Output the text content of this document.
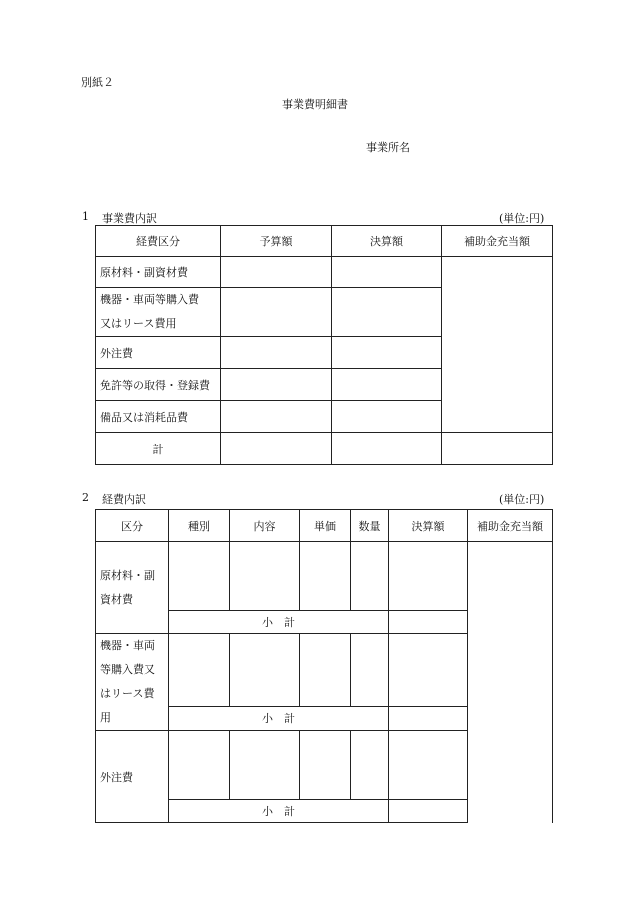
別紙２
事業費明細書
事業所名
1 事業費内訳	(単位:円)
経費区分	予算額	決算額	補助金充当額
原材料・副資材費			

機器・車両等購入費
又はリース費用			

外注費			
免許等の取得・登録費			
備品又は消耗品費			
計			
2 経費内訳	(単位:円)
区分	種別	内容	単価	数量	決算額	補助金充当額

原材料・副
資材費						

	小　計					

機器・車両
等購入費又
はリース費
用						

	小　計					
外注費						
	小　計					
